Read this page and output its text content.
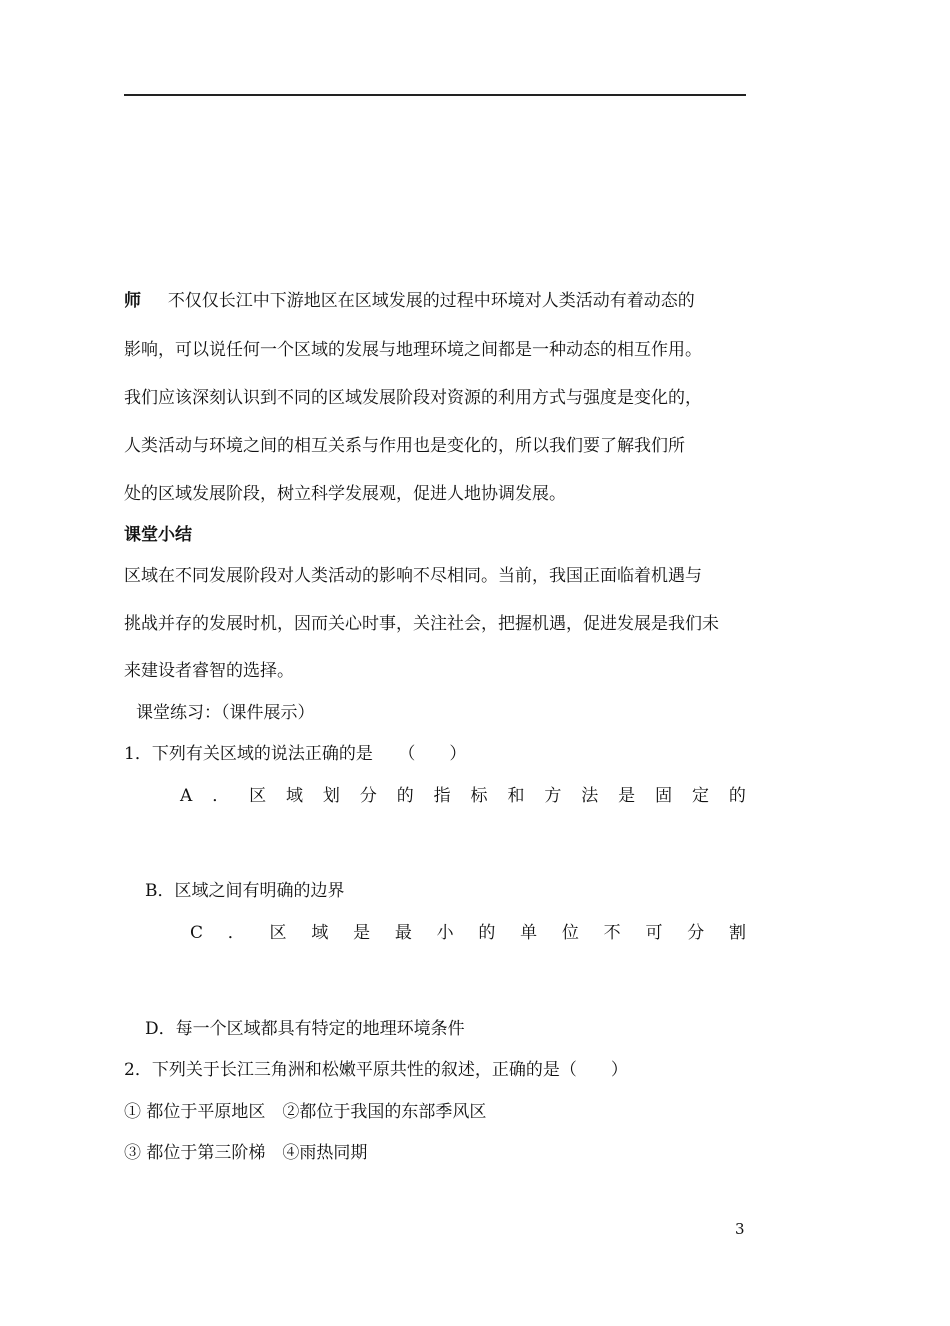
师 不仅仅长江中下游地区在区域发展的过程中环境对人类活动有着动态的
影响，可以说任何一个区域的发展与地理环境之间都是一种动态的相互作用。
我们应该深刻认识到不同的区域发展阶段对资源的利用方式与强度是变化的，
人类活动与环境之间的相互关系与作用也是变化的，所以我们要了解我们所
处的区域发展阶段，树立科学发展观，促进人地协调发展。
课堂小结
区域在不同发展阶段对人类活动的影响不尽相同。当前，我国正面临着机遇与
挑战并存的发展时机，因而关心时事，关注社会，把握机遇，促进发展是我们未
来建设者睿智的选择。
课堂练习：（课件展示）
1．下列有关区域的说法正确的是　　（　　）
A ． 区 域 划 分 的 指 标 和 方 法 是 固 定 的
B．区域之间有明确的边界
C ． 区 域 是 最 小 的 单 位 不 可 分 割
D．每一个区域都具有特定的地理环境条件
2．下列关于长江三角洲和松嫩平原共性的叙述，正确的是（　　）
① 都位于平原地区　②都位于我国的东部季风区
③ 都位于第三阶梯　④雨热同期
3
